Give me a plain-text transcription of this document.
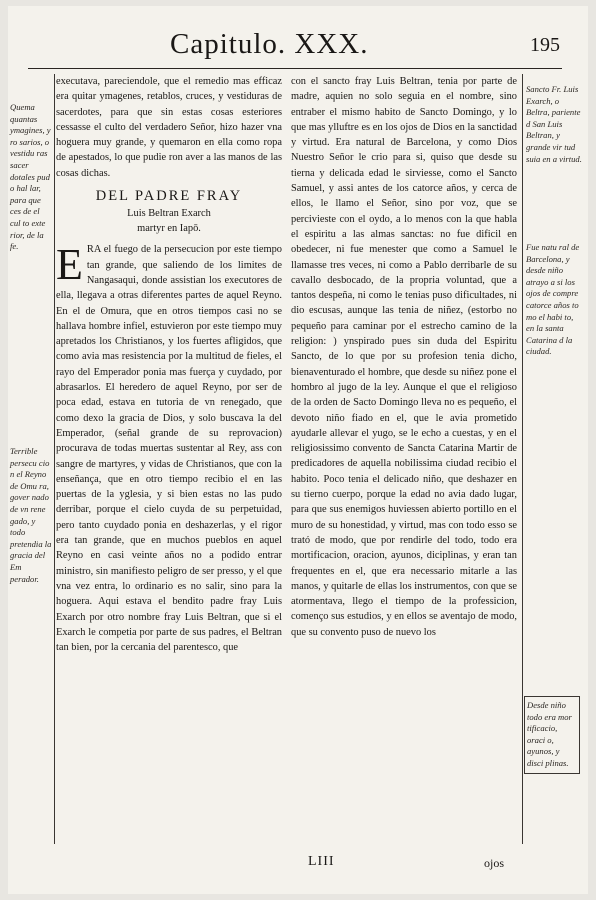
Capitulo. XXX.	195
Quema quantas ymagines, y ro sarios, o vestidu ras sacer dotales pud o hal lar, para que ces de el cul to exte rior, de la fe.
Terrible persecu cio n el Reyno de Omu ra, gover nado de vn rene gado, y todo pretendia la gracia del Em perador.

executava, pareciendole, que el remedio mas efficaz era quitar ymagenes, retablos, cruces, y vestiduras de sacerdotes, para que sin estas cosas esteriores cessasse el culto del verdadero Señor, hizo hazer vna hoguera muy grande, y quemaron en ella como ropa de apestados, lo que pudie ron aver a las manos de las cosas dichas.

DEL PADRE FRAY
Luis Beltran Exarch
martyr en Iapō.

ERA el fuego de la persecucion por este tiempo tan grande, que saliendo de los limites de Nangasaqui, donde assistian los executores de ella, llegava a otras diferentes partes de aquel Reyno. En el de Omura, que en otros tiempos casi no se hallava hombre infiel, estuvieron por este tiempo muy apretados los Christianos, y los fuertes afligidos, que como avia mas resistencia por la multitud de fieles, el rayo del Emperador ponia mas fuerça y cuydado, por abrasarlos. El heredero de aquel Reyno, por ser de poca edad, estava en tutoria de vn renegado, que como dexo la gracia de Dios, y solo buscava la del Emperador, (señal grande de su reprovacion) procurava de todas muertas sustentar al Rey, ass con sangre de martyres, y vidas de Christianos, que con la enseñança, que en otro tiempo recibio el en las puertas de la yglesia, y si bien estas no las pudo derribar, porque el cielo cuyda de su perpetuidad, pero tanto cuydado ponia en deshazerlas, y el rigor era tan grande, que en muchos pueblos en aquel Reyno en casi veinte años no a podido entrar ministro, sin manifiesto peligro de ser presso, y el que vna vez entra, lo ordinario es no salir, sino para la hoguera. Aqui estava el bendito padre fray Luis Exarch por otro nombre fray Luis Beltran, que si el Exarch le competia por parte de sus padres, el Beltran tan bien, por la cercania del parentesco, que

con el sancto fray Luis Beltran, tenia por parte de madre, aquien no solo seguia en el nombre, sino entraber el mismo habito de Sancto Domingo, y lo que mas ylluftre es en los ojos de Dios en la sanctidad y virtud. Era natural de Barcelona, y como Dios Nuestro Señor le crio para si, quiso que desde su tierna y delicada edad le sirviesse, como el Sancto Samuel, y assi antes de los catorce años, y cerca de ellos, le llamo el Señor, sino por voz, que se percivieste con el oydo, a lo menos con la que habla el espiritu a las almas sanctas: no fue dificil en obedecer, ni fue menester que como a Samuel le llamasse tres veces, ni como a Pablo derribarle de su cavallo desbocado, de la propria voluntad, que a tantos despeña, ni como le tenias puso dificultades, ni dio escusas, aunque las tenia de niñez, (estorbo no pequeño para caminar por el estrecho camino de la religion: ) ynspirado pues sin duda del Espiritu Sancto, de lo que por su profesion tenia dicho, bienaventurado el hombre, que desde su niñez pone el hombro al jugo de la ley. Aunque el que el religioso de la orden de Sacto Domingo lleva no es pequeño, el devoto niño fiado en el, que le avia prometido ayudarle allevar el yugo, se le echo a cuestas, y en el religiosissimo convento de Sancta Catarina Martir de predicadores de aquella nobilissima ciudad recibio el habito. Poco tenia el delicado niño, que deshazer en su tierno cuerpo, porque la edad no avia dado lugar, para que sus enemigos huviessen abierto portillo en el muro de su honestidad, y virtud, mas con todo esso se trató de modo, que por rendirle del todo, todo era mortificacion, oracion, ayunos, diciplinas, y eran tan frequentes en el, que era necessario mitarle a las manos, y quitarle de ellas los instrumentos, con que se atormentava, llego el tiempo de la professicion, començo sus estudios, y en ellos se aventajo de modo, que su convento puso de nuevo los

Sancto Fr. Luis Exarch, o Beltra, pariente d San Luis Beltran, y grande vir tud suia en a virtud.
Fue natu ral de Barcelona, y desde niño atrayo a si los ojos de compre catorce años to mo el habi to, en la santa Catarina d la ciudad.
Desde niño todo era mor tificacio, oraci o, ayunos, y disci plinas.
LIII	ojos
